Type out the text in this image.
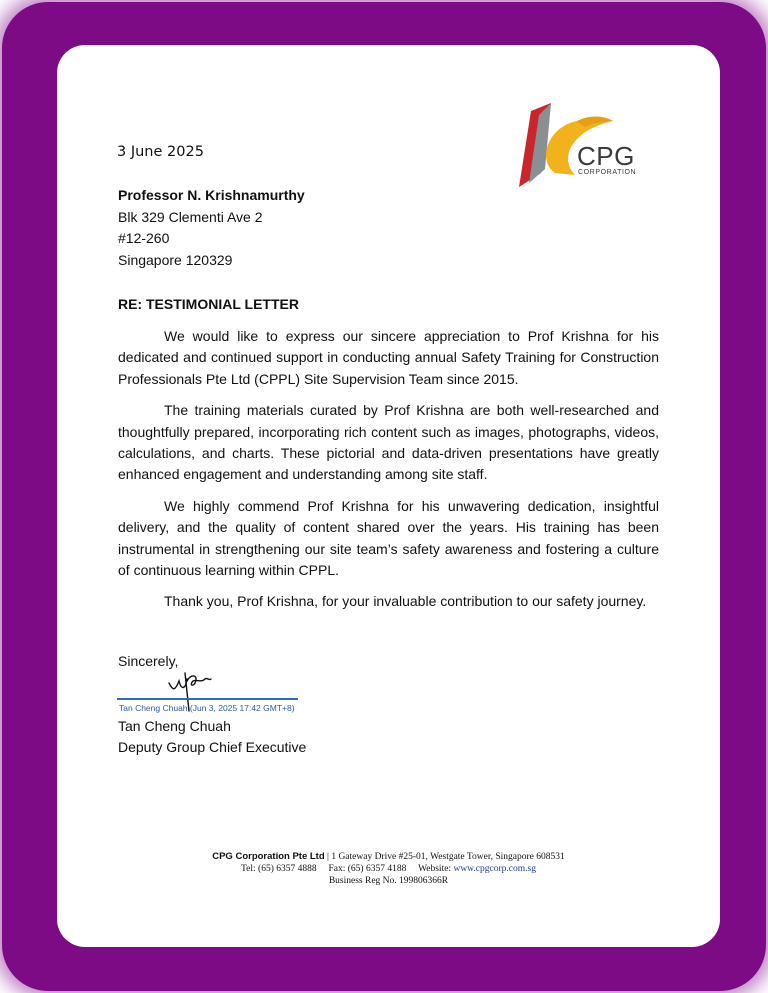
CPG
CORPORATION
3 June 2025
Professor N. Krishnamurthy
Blk 329 Clementi Ave 2
#12-260
Singapore 120329
RE: TESTIMONIAL LETTER

We would like to express our sincere appreciation to Prof Krishna for his dedicated and continued support in conducting annual Safety Training for Construction Professionals Pte Ltd (CPPL) Site Supervision Team since 2015.

The training materials curated by Prof Krishna are both well-researched and thoughtfully prepared, incorporating rich content such as images, photographs, videos, calculations, and charts. These pictorial and data-driven presentations have greatly enhanced engagement and understanding among site staff.

We highly commend Prof Krishna for his unwavering dedication, insightful delivery, and the quality of content shared over the years. His training has been instrumental in strengthening our site team’s safety awareness and fostering a culture of continuous learning within CPPL.

Thank you, Prof Krishna, for your invaluable contribution to our safety journey.

Sincerely,
Tan Cheng Chuah (Jun 3, 2025 17:42 GMT+8)
Tan Cheng Chuah
Deputy Group Chief Executive
CPG Corporation Pte Ltd | 1 Gateway Drive #25-01, Westgate Tower, Singapore 608531
Tel: (65) 6357 4888 Fax: (65) 6357 4188 Website: www.cpgcorp.com.sg
Business Reg No. 199806366R
